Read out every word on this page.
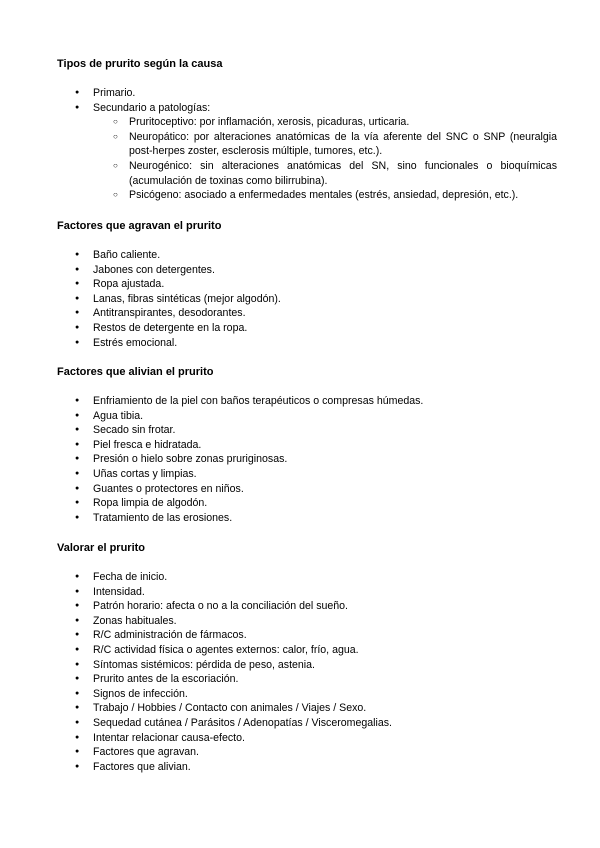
Tipos de prurito según la causa
● Primario.
● Secundario a patologías:
○ Pruritoceptivo: por inflamación, xerosis, picaduras, urticaria.
○ Neuropático: por alteraciones anatómicas de la vía aferente del SNC o SNP (neuralgia post-herpes zoster, esclerosis múltiple, tumores, etc.).
○ Neurogénico: sin alteraciones anatómicas del SN, sino funcionales o bioquímicas (acumulación de toxinas como bilirrubina).
○ Psicógeno: asociado a enfermedades mentales (estrés, ansiedad, depresión, etc.).
Factores que agravan el prurito
● Baño caliente.
● Jabones con detergentes.
● Ropa ajustada.
● Lanas, fibras sintéticas (mejor algodón).
● Antitranspirantes, desodorantes.
● Restos de detergente en la ropa.
● Estrés emocional.
Factores que alivian el prurito
● Enfriamiento de la piel con baños terapéuticos o compresas húmedas.
● Agua tibia.
● Secado sin frotar.
● Piel fresca e hidratada.
● Presión o hielo sobre zonas pruriginosas.
● Uñas cortas y limpias.
● Guantes o protectores en niños.
● Ropa limpia de algodón.
● Tratamiento de las erosiones.
Valorar el prurito
● Fecha de inicio.
● Intensidad.
● Patrón horario: afecta o no a la conciliación del sueño.
● Zonas habituales.
● R/C administración de fármacos.
● R/C actividad física o agentes externos: calor, frío, agua.
● Síntomas sistémicos: pérdida de peso, astenia.
● Prurito antes de la escoriación.
● Signos de infección.
● Trabajo / Hobbies / Contacto con animales / Viajes / Sexo.
● Sequedad cutánea / Parásitos / Adenopatías / Visceromegalias.
● Intentar relacionar causa-efecto.
● Factores que agravan.
● Factores que alivian.
